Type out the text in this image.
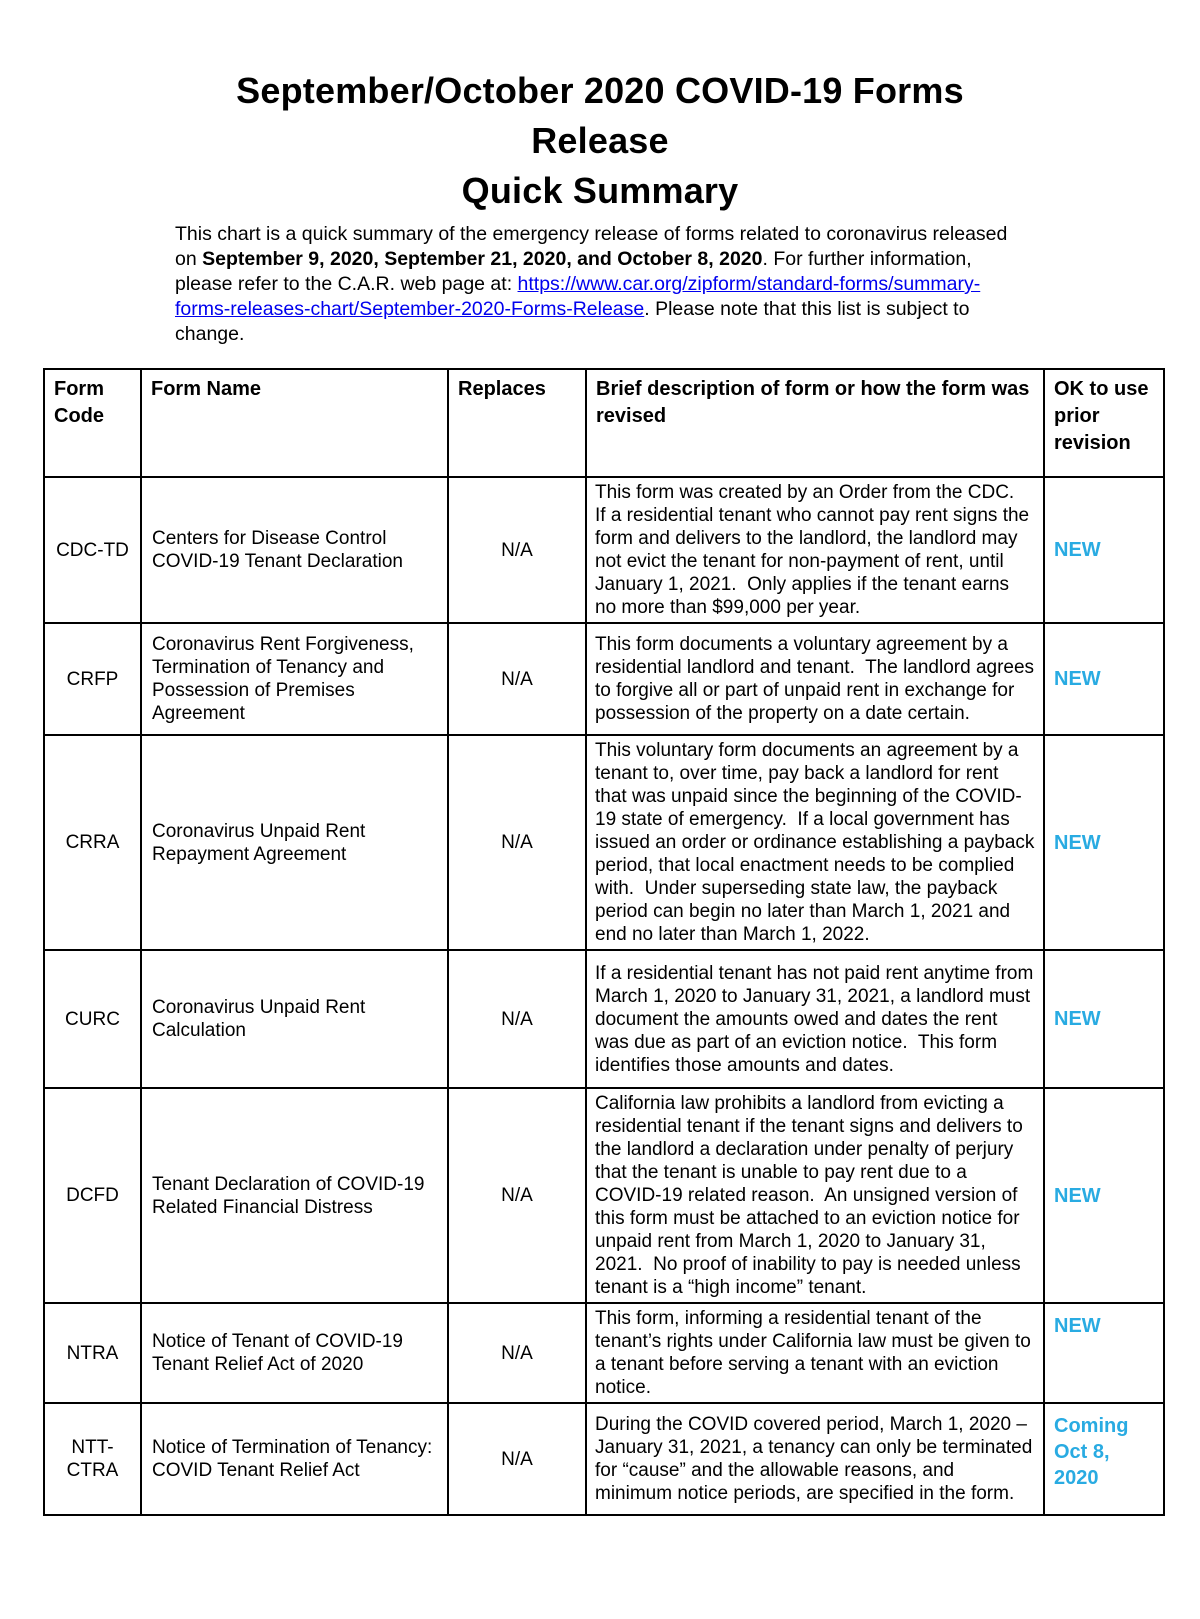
September/October 2020 COVID-19 Forms
Release
Quick Summary

This chart is a quick summary of the emergency release of forms related to coronavirus released on September 9, 2020, September 21, 2020, and October 8, 2020. For further information, please refer to the C.A.R. web page at: https://www.car.org/zipform/standard-forms/summary-forms-releases-chart/September-2020-Forms-Release. Please note that this list is subject to change.

Form Code	Form Name	Replaces	Brief description of form or how the form was revised	OK to use prior revision
CDC-TD	Centers for Disease Control COVID-19 Tenant Declaration	N/A	This form was created by an Order from the CDC.  If a residential tenant who cannot pay rent signs the form and delivers to the landlord, the landlord may not evict the tenant for non-payment of rent, until January 1, 2021.  Only applies if the tenant earns no more than $99,000 per year.	NEW
CRFP	Coronavirus Rent Forgiveness, Termination of Tenancy and Possession of Premises Agreement	N/A	This form documents a voluntary agreement by a residential landlord and tenant.  The landlord agrees to forgive all or part of unpaid rent in exchange for possession of the property on a date certain.	NEW
CRRA	Coronavirus Unpaid Rent Repayment Agreement	N/A	This voluntary form documents an agreement by a tenant to, over time, pay back a landlord for rent that was unpaid since the beginning of the COVID-19 state of emergency.  If a local government has issued an order or ordinance establishing a payback period, that local enactment needs to be complied with.  Under superseding state law, the payback period can begin no later than March 1, 2021 and end no later than March 1, 2022.	NEW
CURC	Coronavirus Unpaid Rent Calculation	N/A	If a residential tenant has not paid rent anytime from March 1, 2020 to January 31, 2021, a landlord must document the amounts owed and dates the rent was due as part of an eviction notice.  This form identifies those amounts and dates.	NEW
DCFD	Tenant Declaration of COVID-19 Related Financial Distress	N/A	California law prohibits a landlord from evicting a residential tenant if the tenant signs and delivers to the landlord a declaration under penalty of perjury that the tenant is unable to pay rent due to a COVID-19 related reason.  An unsigned version of this form must be attached to an eviction notice for unpaid rent from March 1, 2020 to January 31, 2021.  No proof of inability to pay is needed unless tenant is a “high income” tenant.	NEW
NTRA	Notice of Tenant of COVID-19 Tenant Relief Act of 2020	N/A	This form, informing a residential tenant of the tenant’s rights under California law must be given to a tenant before serving a tenant with an eviction notice.	NEW
NTT-CTRA	Notice of Termination of Tenancy: COVID Tenant Relief Act	N/A	During the COVID covered period, March 1, 2020 – January 31, 2021, a tenancy can only be terminated for “cause” and the allowable reasons, and minimum notice periods, are specified in the form.	Coming Oct 8, 2020
